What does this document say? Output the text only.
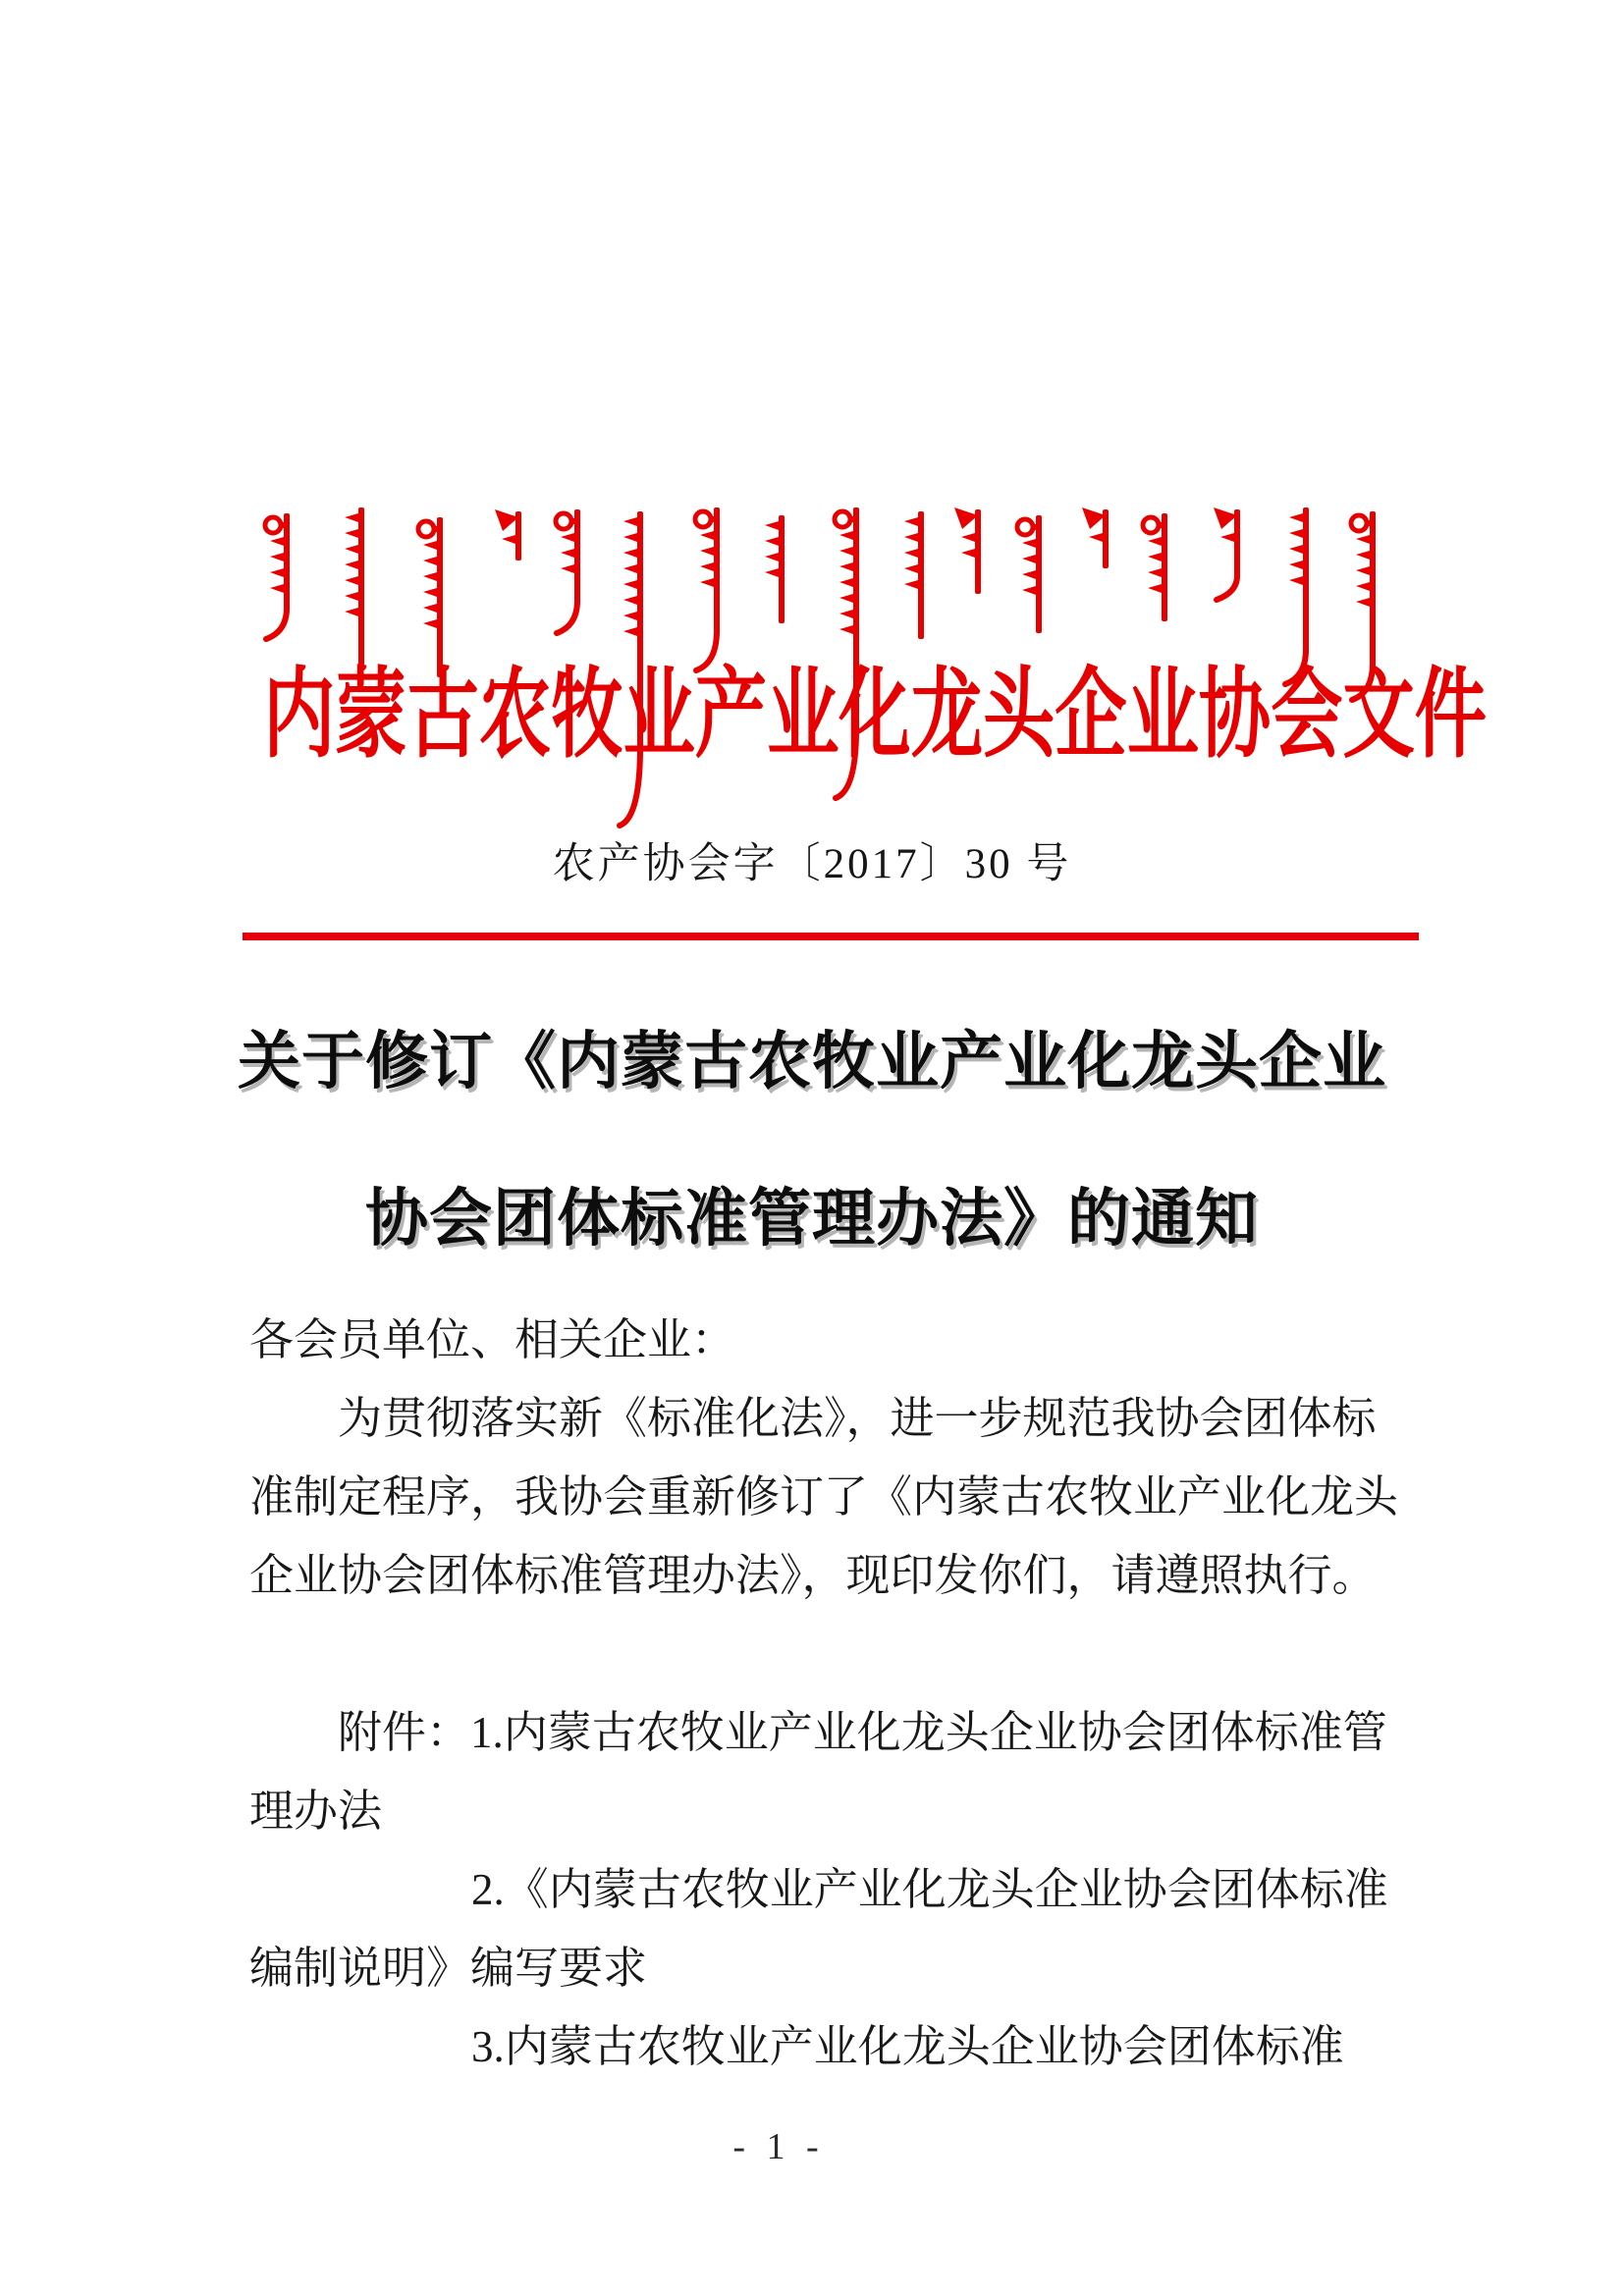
内蒙古农牧业产业化龙头企业协会文件
农产协会字〔2017〕30 号
关于修订《内蒙古农牧业产业化龙头企业
协会团体标准管理办法》的通知
各会员单位、相关企业：
为贯彻落实新《标准化法》，进一步规范我协会团体标
准制定程序，我协会重新修订了《内蒙古农牧业产业化龙头
企业协会团体标准管理办法》，现印发你们，请遵照执行。
附件：1.内蒙古农牧业产业化龙头企业协会团体标准管
理办法
2.《内蒙古农牧业产业化龙头企业协会团体标准
编制说明》编写要求
3.内蒙古农牧业产业化龙头企业协会团体标准
- 1 -
